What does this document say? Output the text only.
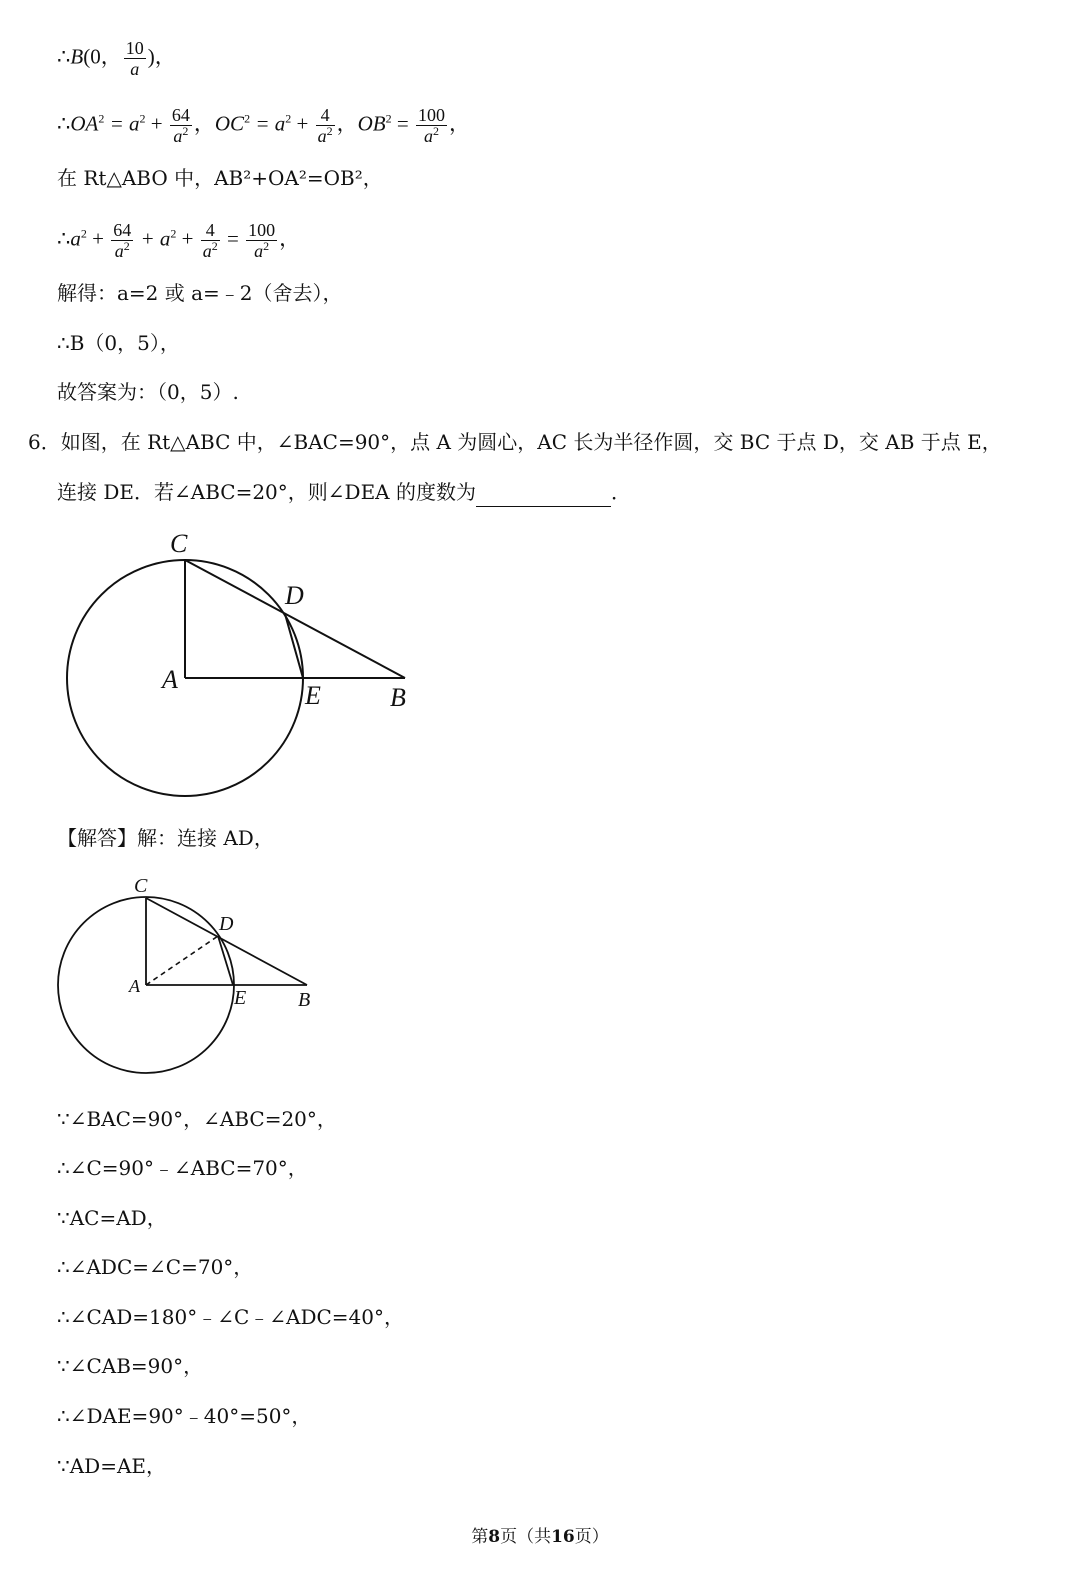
∴B(0， $\frac{10}{a}$ )，
$\therefore OA^2 = a^2 + \frac{64}{a^2}$ ，$OC^2 = a^2 + \frac{4}{a^2}$ ，$OB^2 = \frac{100}{a^2}$ ，
在 Rt△ABO 中，AB²+OA²=OB²，
$\therefore a^2 + \frac{64}{a^2} + a^2 + \frac{4}{a^2} = \frac{100}{a^2}$ ，
解得：a=2 或 a=﹣2（舍去），
∴B（0，5），
故答案为：（0，5）.
6．如图，在 Rt△ABC 中，∠BAC=90°，点 A 为圆心，AC 长为半径作圆，交 BC 于点 D，交 AB 于点 E，
连接 DE．若∠ABC=20°，则∠DEA 的度数为	．
C
D
A
E	B
【解答】解：连接 AD，
C
D
A
E	B
∵∠BAC=90°，∠ABC=20°，
∴∠C=90°﹣∠ABC=70°，
∵AC=AD，
∴∠ADC=∠C=70°，
∴∠CAD=180°﹣∠C﹣∠ADC=40°，
∵∠CAB=90°，
∴∠DAE=90°﹣40°=50°，
∵AD=AE，
第8页（共16页）
